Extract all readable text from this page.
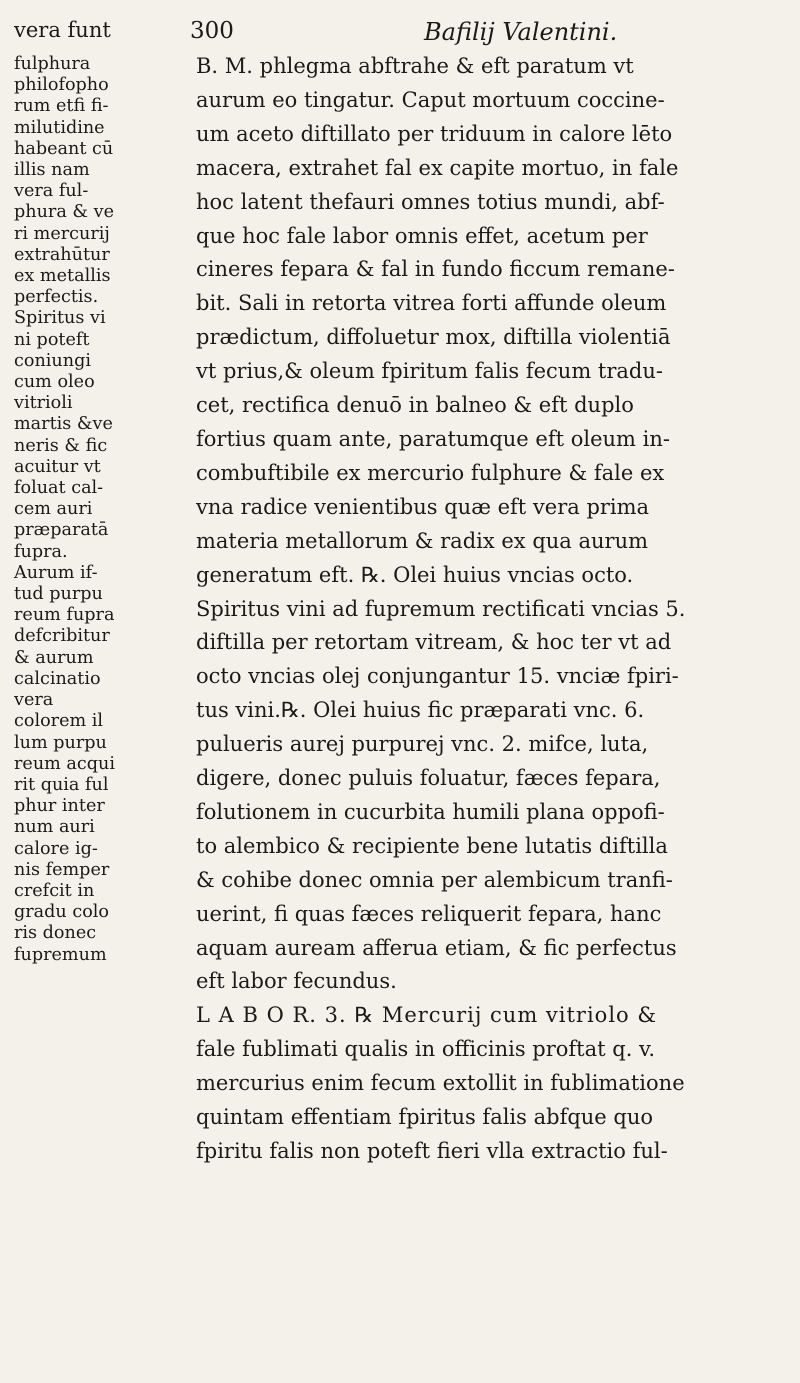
vera funt	300	Bafilij Valentini.
fulphura
philofopho
rum etfi fi-
milutidine
habeant cū
illis nam
vera ful-
phura & ve
ri mercurij
extrahūtur
ex metallis
perfectis.
Spiritus vi
ni poteft
coniungi
cum oleo
vitrioli
martis &ve
neris & fic
acuitur vt
foluat cal-
cem auri
præparatā
fupra.
Aurum if-
tud purpu
reum fupra
defcribitur
& aurum
calcinatio
vera
colorem il
lum purpu
reum acqui
rit quia ful
phur inter
num auri
calore ig-
nis femper
crefcit in
gradu colo
ris donec
fupremum
B. M. phlegma abftrahe & eft paratum vt
aurum eo tingatur. Caput mortuum coccine-
um aceto diftillato per triduum in calore lēto
macera, extrahet fal ex capite mortuo, in fale
hoc latent thefauri omnes totius mundi, abf-
que hoc fale labor omnis effet, acetum per
cineres fepara & fal in fundo ficcum remane-
bit. Sali in retorta vitrea forti affunde oleum
prædictum, diffoluetur mox, diftilla violentiā
vt prius,& oleum fpiritum falis fecum tradu-
cet, rectifica denuō in balneo & eft duplo
fortius quam ante, paratumque eft oleum in-
combuftibile ex mercurio fulphure & fale ex
vna radice venientibus quæ eft vera prima
materia metallorum & radix ex qua aurum
generatum eft. ℞. Olei huius vncias octo.
Spiritus vini ad fupremum rectificati vncias 5.
diftilla per retortam vitream, & hoc ter vt ad
octo vncias olej conjungantur 15. vnciæ fpiri-
tus vini.℞. Olei huius fic præparati vnc. 6.
pulueris aurej purpurej vnc. 2. mifce, luta,
digere, donec puluis foluatur, fæces fepara,
folutionem in cucurbita humili plana oppofi-
to alembico & recipiente bene lutatis diftilla
& cohibe donec omnia per alembicum tranfi-
uerint, fi quas fæces reliquerit fepara, hanc
aquam auream afferua etiam, & fic perfectus
eft labor fecundus.
L A B O R. 3. ℞ Mercurij cum vitriolo &
fale fublimati qualis in officinis proftat q. v.
mercurius enim fecum extollit in fublimatione
quintam effentiam fpiritus falis abfque quo
fpiritu falis non poteft fieri vlla extractio ful-
